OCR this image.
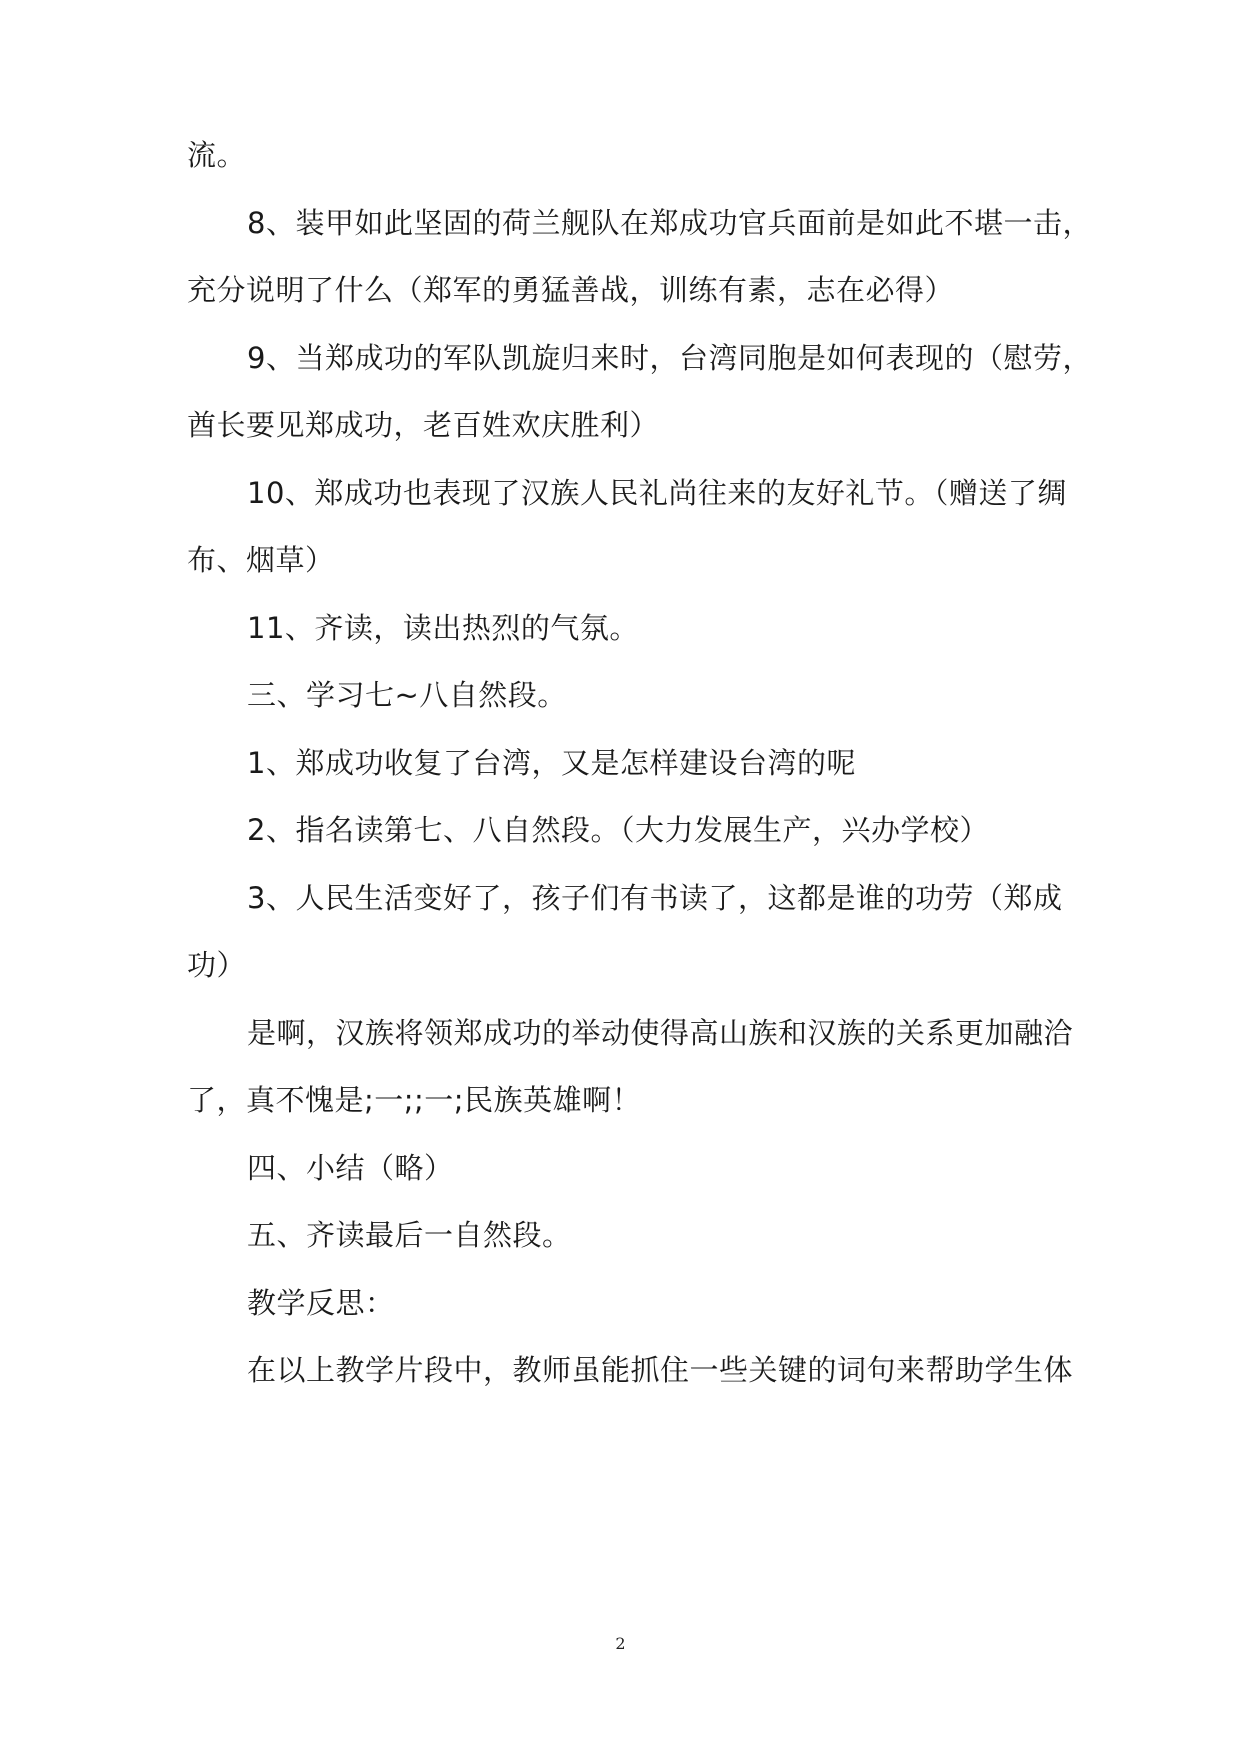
流。
8、装甲如此坚固的荷兰舰队在郑成功官兵面前是如此不堪一击，
充分说明了什么（郑军的勇猛善战，训练有素，志在必得）
9、当郑成功的军队凯旋归来时，台湾同胞是如何表现的（慰劳，
酋长要见郑成功，老百姓欢庆胜利）
10、郑成功也表现了汉族人民礼尚往来的友好礼节。（赠送了绸
布、烟草）
11、齐读，读出热烈的气氛。
三、学习七~八自然段。
1、郑成功收复了台湾，又是怎样建设台湾的呢
2、指名读第七、八自然段。（大力发展生产，兴办学校）
3、人民生活变好了，孩子们有书读了，这都是谁的功劳（郑成
功）
是啊，汉族将领郑成功的举动使得高山族和汉族的关系更加融洽
了，真不愧是;一;;一;民族英雄啊！
四、小结（略）
五、齐读最后一自然段。
教学反思：
在以上教学片段中，教师虽能抓住一些关键的词句来帮助学生体
2
